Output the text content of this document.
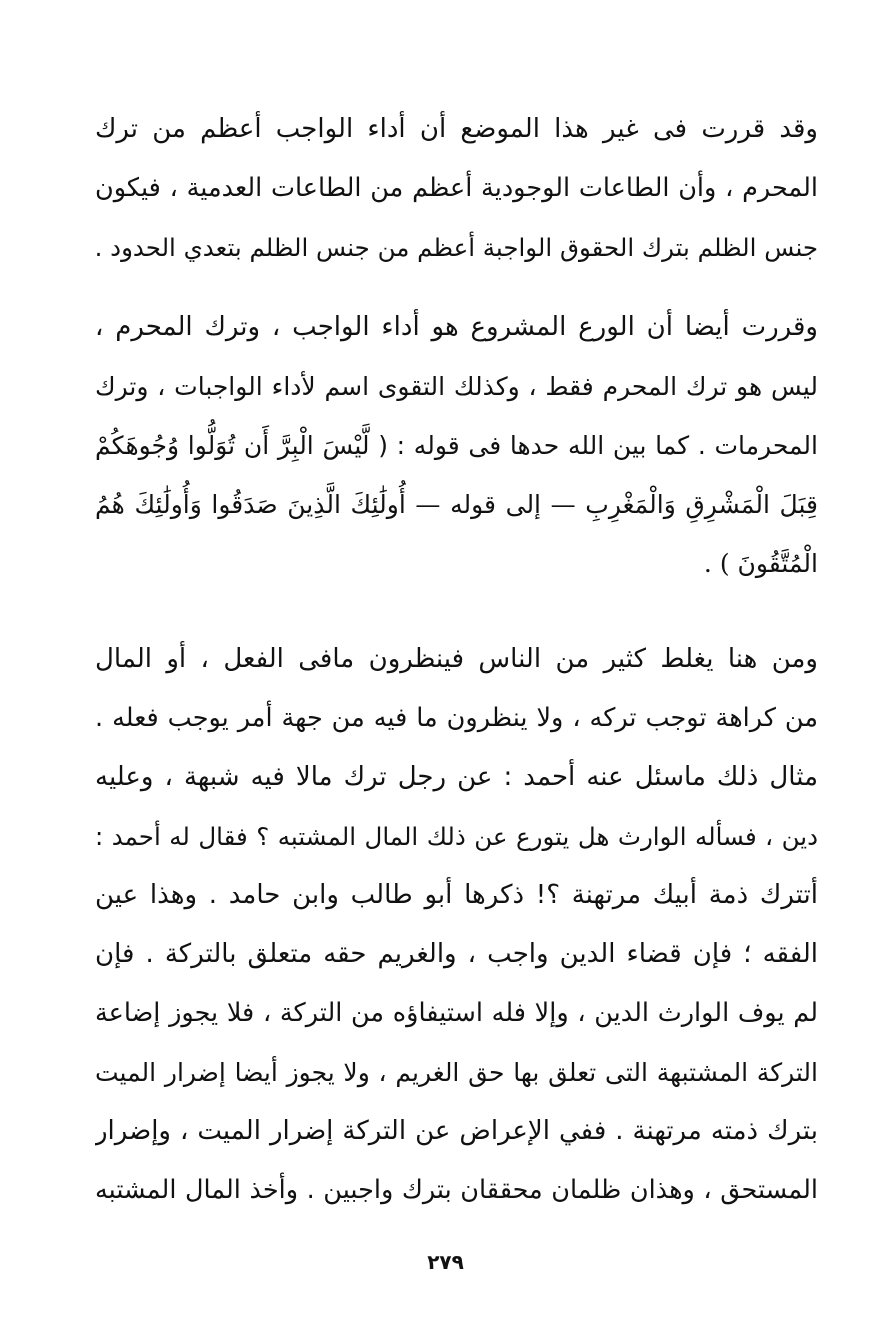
وقد قررت فى غير هذا الموضع أن أداء الواجب أعظم من ترك
المحرم ، وأن الطاعات الوجودية أعظم من الطاعات العدمية ، فيكون
جنس الظلم بترك الحقوق الواجبة أعظم من جنس الظلم بتعدي الحدود .
وقررت أيضا أن الورع المشروع هو أداء الواجب ، وترك المحرم ،
ليس هو ترك المحرم فقط ، وكذلك التقوى اسم لأداء الواجبات ، وترك
المحرمات . كما بين الله حدها فى قوله : ( لَّيْسَ الْبِرَّ أَن تُوَلُّوا وُجُوهَكُمْ
قِبَلَ الْمَشْرِقِ وَالْمَغْرِبِ — إلى قوله — أُولَٰئِكَ الَّذِينَ صَدَقُوا وَأُولَٰئِكَ هُمُ
الْمُتَّقُونَ ) .
ومن هنا يغلط كثير من الناس فينظرون مافى الفعل ، أو المال
من كراهة توجب تركه ، ولا ينظرون ما فيه من جهة أمر يوجب فعله .
مثال ذلك ماسئل عنه أحمد : عن رجل ترك مالا فيه شبهة ، وعليه
دين ، فسأله الوارث هل يتورع عن ذلك المال المشتبه ؟ فقال له أحمد :
أتترك ذمة أبيك مرتهنة ؟! ذكرها أبو طالب وابن حامد . وهذا عين
الفقه ؛ فإن قضاء الدين واجب ، والغريم حقه متعلق بالتركة . فإن
لم يوف الوارث الدين ، وإلا فله استيفاؤه من التركة ، فلا يجوز إضاعة
التركة المشتبهة التى تعلق بها حق الغريم ، ولا يجوز أيضا إضرار الميت
بترك ذمته مرتهنة . ففي الإعراض عن التركة إضرار الميت ، وإضرار
المستحق ، وهذان ظلمان محققان بترك واجبين . وأخذ المال المشتبه
٢٧٩
